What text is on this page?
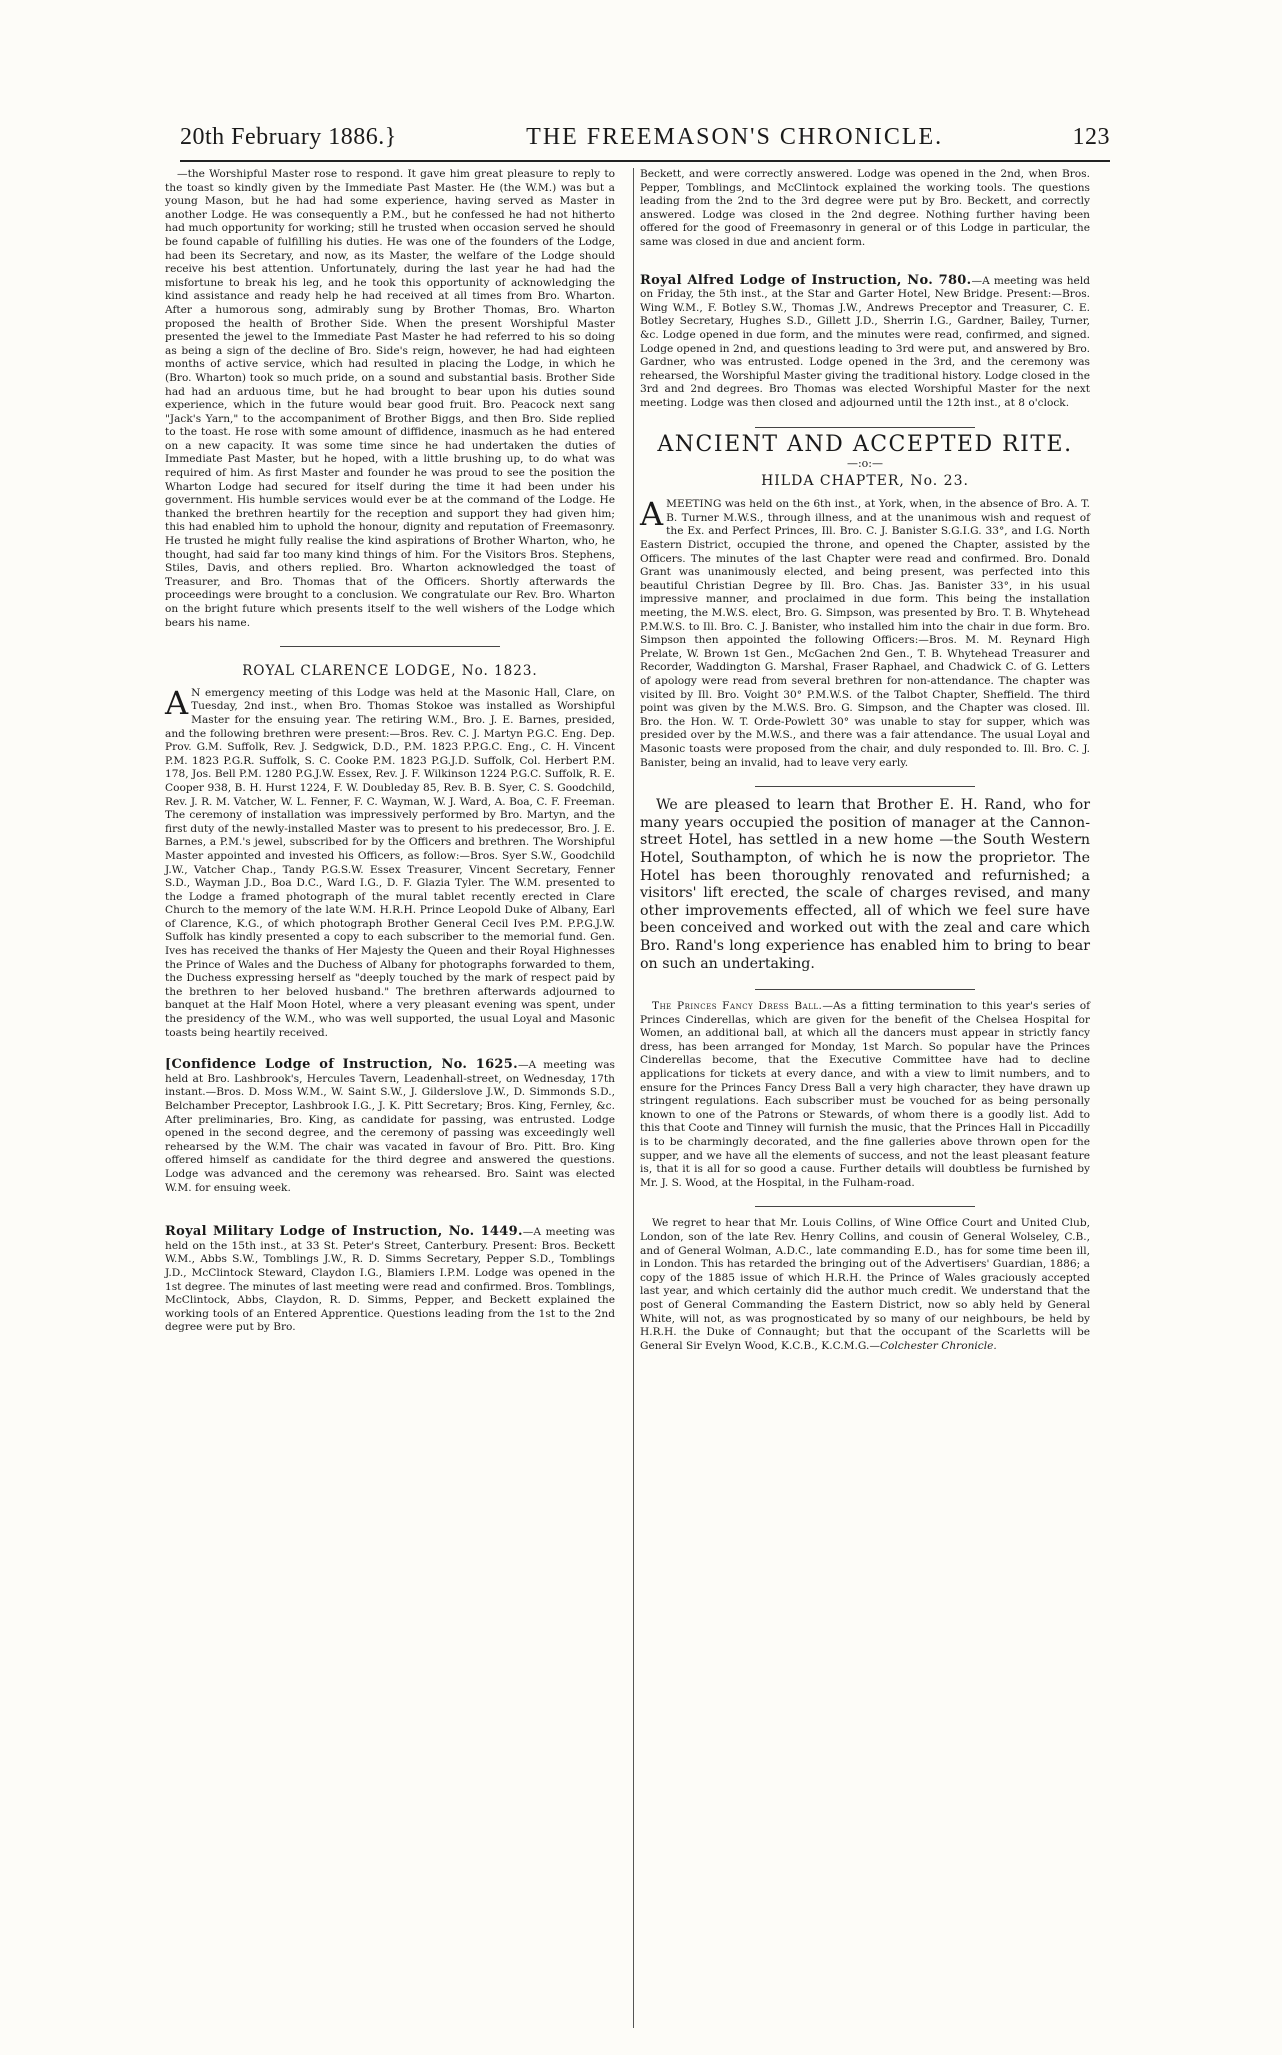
20th February 1886.}	THE FREEMASON'S CHRONICLE.	123

—the Worshipful Master rose to respond. It gave him great pleasure to reply to the toast so kindly given by the Immediate Past Master. He (the W.M.) was but a young Mason, but he had had some experience, having served as Master in another Lodge. He was consequently a P.M., but he confessed he had not hitherto had much opportunity for working; still he trusted when occasion served he should be found capable of fulfilling his duties. He was one of the founders of the Lodge, had been its Secretary, and now, as its Master, the welfare of the Lodge should receive his best attention. Unfortunately, during the last year he had had the misfortune to break his leg, and he took this opportunity of acknowledging the kind assistance and ready help he had received at all times from Bro. Wharton. After a humorous song, admirably sung by Brother Thomas, Bro. Wharton proposed the health of Brother Side. When the present Worshipful Master presented the jewel to the Immediate Past Master he had referred to his so doing as being a sign of the decline of Bro. Side's reign, however, he had had eighteen months of active service, which had resulted in placing the Lodge, in which he (Bro. Wharton) took so much pride, on a sound and substantial basis. Brother Side had had an arduous time, but he had brought to bear upon his duties sound experience, which in the future would bear good fruit. Bro. Peacock next sang "Jack's Yarn," to the accompaniment of Brother Biggs, and then Bro. Side replied to the toast. He rose with some amount of diffidence, inasmuch as he had entered on a new capacity. It was some time since he had undertaken the duties of Immediate Past Master, but he hoped, with a little brushing up, to do what was required of him. As first Master and founder he was proud to see the position the Wharton Lodge had secured for itself during the time it had been under his government. His humble services would ever be at the command of the Lodge. He thanked the brethren heartily for the reception and support they had given him; this had enabled him to uphold the honour, dignity and reputation of Freemasonry. He trusted he might fully realise the kind aspirations of Brother Wharton, who, he thought, had said far too many kind things of him. For the Visitors Bros. Stephens, Stiles, Davis, and others replied. Bro. Wharton acknowledged the toast of Treasurer, and Bro. Thomas that of the Officers. Shortly afterwards the proceedings were brought to a conclusion. We congratulate our Rev. Bro. Wharton on the bright future which presents itself to the well wishers of the Lodge which bears his name.

ROYAL CLARENCE LODGE, No. 1823.

A N emergency meeting of this Lodge was held at the Masonic Hall, Clare, on Tuesday, 2nd inst., when Bro. Thomas Stokoe was installed as Worshipful Master for the ensuing year. The retiring W.M., Bro. J. E. Barnes, presided, and the following brethren were present:—Bros. Rev. C. J. Martyn P.G.C. Eng. Dep. Prov. G.M. Suffolk, Rev. J. Sedgwick, D.D., P.M. 1823 P.P.G.C. Eng., C. H. Vincent P.M. 1823 P.G.R. Suffolk, S. C. Cooke P.M. 1823 P.G.J.D. Suffolk, Col. Herbert P.M. 178, Jos. Bell P.M. 1280 P.G.J.W. Essex, Rev. J. F. Wilkinson 1224 P.G.C. Suffolk, R. E. Cooper 938, B. H. Hurst 1224, F. W. Doubleday 85, Rev. B. B. Syer, C. S. Goodchild, Rev. J. R. M. Vatcher, W. L. Fenner, F. C. Wayman, W. J. Ward, A. Boa, C. F. Freeman. The ceremony of installation was impressively performed by Bro. Martyn, and the first duty of the newly-installed Master was to present to his predecessor, Bro. J. E. Barnes, a P.M.'s jewel, subscribed for by the Officers and brethren. The Worshipful Master appointed and invested his Officers, as follow:—Bros. Syer S.W., Goodchild J.W., Vatcher Chap., Tandy P.G.S.W. Essex Treasurer, Vincent Secretary, Fenner S.D., Wayman J.D., Boa D.C., Ward I.G., D. F. Glazia Tyler. The W.M. presented to the Lodge a framed photograph of the mural tablet recently erected in Clare Church to the memory of the late W.M. H.R.H. Prince Leopold Duke of Albany, Earl of Clarence, K.G., of which photograph Brother General Cecil Ives P.M. P.P.G.J.W. Suffolk has kindly presented a copy to each subscriber to the memorial fund. Gen. Ives has received the thanks of Her Majesty the Queen and their Royal Highnesses the Prince of Wales and the Duchess of Albany for photographs forwarded to them, the Duchess expressing herself as "deeply touched by the mark of respect paid by the brethren to her beloved husband." The brethren afterwards adjourned to banquet at the Half Moon Hotel, where a very pleasant evening was spent, under the presidency of the W.M., who was well supported, the usual Loyal and Masonic toasts being heartily received.

[Confidence Lodge of Instruction, No. 1625.—A meeting was held at Bro. Lashbrook's, Hercules Tavern, Leadenhall-street, on Wednesday, 17th instant.—Bros. D. Moss W.M., W. Saint S.W., J. Gilderslove J.W., D. Simmonds S.D., Belchamber Preceptor, Lashbrook I.G., J. K. Pitt Secretary; Bros. King, Fernley, &c. After preliminaries, Bro. King, as candidate for passing, was entrusted. Lodge opened in the second degree, and the ceremony of passing was exceedingly well rehearsed by the W.M. The chair was vacated in favour of Bro. Pitt. Bro. King offered himself as candidate for the third degree and answered the questions. Lodge was advanced and the ceremony was rehearsed. Bro. Saint was elected W.M. for ensuing week.

Royal Military Lodge of Instruction, No. 1449.—A meeting was held on the 15th inst., at 33 St. Peter's Street, Canterbury. Present: Bros. Beckett W.M., Abbs S.W., Tomblings J.W., R. D. Simms Secretary, Pepper S.D., Tomblings J.D., McClintock Steward, Claydon I.G., Blamiers I.P.M. Lodge was opened in the 1st degree. The minutes of last meeting were read and confirmed. Bros. Tomblings, McClintock, Abbs, Claydon, R. D. Simms, Pepper, and Beckett explained the working tools of an Entered Apprentice. Questions leading from the 1st to the 2nd degree were put by Bro.

Beckett, and were correctly answered. Lodge was opened in the 2nd, when Bros. Pepper, Tomblings, and McClintock explained the working tools. The questions leading from the 2nd to the 3rd degree were put by Bro. Beckett, and correctly answered. Lodge was closed in the 2nd degree. Nothing further having been offered for the good of Freemasonry in general or of this Lodge in particular, the same was closed in due and ancient form.

Royal Alfred Lodge of Instruction, No. 780.—A meeting was held on Friday, the 5th inst., at the Star and Garter Hotel, New Bridge. Present:—Bros. Wing W.M., F. Botley S.W., Thomas J.W., Andrews Preceptor and Treasurer, C. E. Botley Secretary, Hughes S.D., Gillett J.D., Sherrin I.G., Gardner, Bailey, Turner, &c. Lodge opened in due form, and the minutes were read, confirmed, and signed. Lodge opened in 2nd, and questions leading to 3rd were put, and answered by Bro. Gardner, who was entrusted. Lodge opened in the 3rd, and the ceremony was rehearsed, the Worshipful Master giving the traditional history. Lodge closed in the 3rd and 2nd degrees. Bro Thomas was elected Worshipful Master for the next meeting. Lodge was then closed and adjourned until the 12th inst., at 8 o'clock.

ANCIENT AND ACCEPTED RITE.
—:o:—
HILDA CHAPTER, No. 23.

AMEETING was held on the 6th inst., at York, when, in the absence of Bro. A. T. B. Turner M.W.S., through illness, and at the unanimous wish and request of the Ex. and Perfect Princes, Ill. Bro. C. J. Banister S.G.I.G. 33°, and I.G. North Eastern District, occupied the throne, and opened the Chapter, assisted by the Officers. The minutes of the last Chapter were read and confirmed. Bro. Donald Grant was unanimously elected, and being present, was perfected into this beautiful Christian Degree by Ill. Bro. Chas. Jas. Banister 33°, in his usual impressive manner, and proclaimed in due form. This being the installation meeting, the M.W.S. elect, Bro. G. Simpson, was presented by Bro. T. B. Whytehead P.M.W.S. to Ill. Bro. C. J. Banister, who installed him into the chair in due form. Bro. Simpson then appointed the following Officers:—Bros. M. M. Reynard High Prelate, W. Brown 1st Gen., McGachen 2nd Gen., T. B. Whytehead Treasurer and Recorder, Waddington G. Marshal, Fraser Raphael, and Chadwick C. of G. Letters of apology were read from several brethren for non-attendance. The chapter was visited by Ill. Bro. Voight 30° P.M.W.S. of the Talbot Chapter, Sheffield. The third point was given by the M.W.S. Bro. G. Simpson, and the Chapter was closed. Ill. Bro. the Hon. W. T. Orde-Powlett 30° was unable to stay for supper, which was presided over by the M.W.S., and there was a fair attendance. The usual Loyal and Masonic toasts were proposed from the chair, and duly responded to. Ill. Bro. C. J. Banister, being an invalid, had to leave very early.

We are pleased to learn that Brother E. H. Rand, who for many years occupied the position of manager at the Cannon-street Hotel, has settled in a new home —the South Western Hotel, Southampton, of which he is now the proprietor. The Hotel has been thoroughly renovated and refurnished; a visitors' lift erected, the scale of charges revised, and many other improvements effected, all of which we feel sure have been conceived and worked out with the zeal and care which Bro. Rand's long experience has enabled him to bring to bear on such an undertaking.

The Princes Fancy Dress Ball.—As a fitting termination to this year's series of Princes Cinderellas, which are given for the benefit of the Chelsea Hospital for Women, an additional ball, at which all the dancers must appear in strictly fancy dress, has been arranged for Monday, 1st March. So popular have the Princes Cinderellas become, that the Executive Committee have had to decline applications for tickets at every dance, and with a view to limit numbers, and to ensure for the Princes Fancy Dress Ball a very high character, they have drawn up stringent regulations. Each subscriber must be vouched for as being personally known to one of the Patrons or Stewards, of whom there is a goodly list. Add to this that Coote and Tinney will furnish the music, that the Princes Hall in Piccadilly is to be charmingly decorated, and the fine galleries above thrown open for the supper, and we have all the elements of success, and not the least pleasant feature is, that it is all for so good a cause. Further details will doubtless be furnished by Mr. J. S. Wood, at the Hospital, in the Fulham-road.

We regret to hear that Mr. Louis Collins, of Wine Office Court and United Club, London, son of the late Rev. Henry Collins, and cousin of General Wolseley, C.B., and of General Wolman, A.D.C., late commanding E.D., has for some time been ill, in London. This has retarded the bringing out of the Advertisers' Guardian, 1886; a copy of the 1885 issue of which H.R.H. the Prince of Wales graciously accepted last year, and which certainly did the author much credit. We understand that the post of General Commanding the Eastern District, now so ably held by General White, will not, as was prognosticated by so many of our neighbours, be held by H.R.H. the Duke of Connaught; but that the occupant of the Scarletts will be General Sir Evelyn Wood, K.C.B., K.C.M.G.—Colchester Chronicle.
